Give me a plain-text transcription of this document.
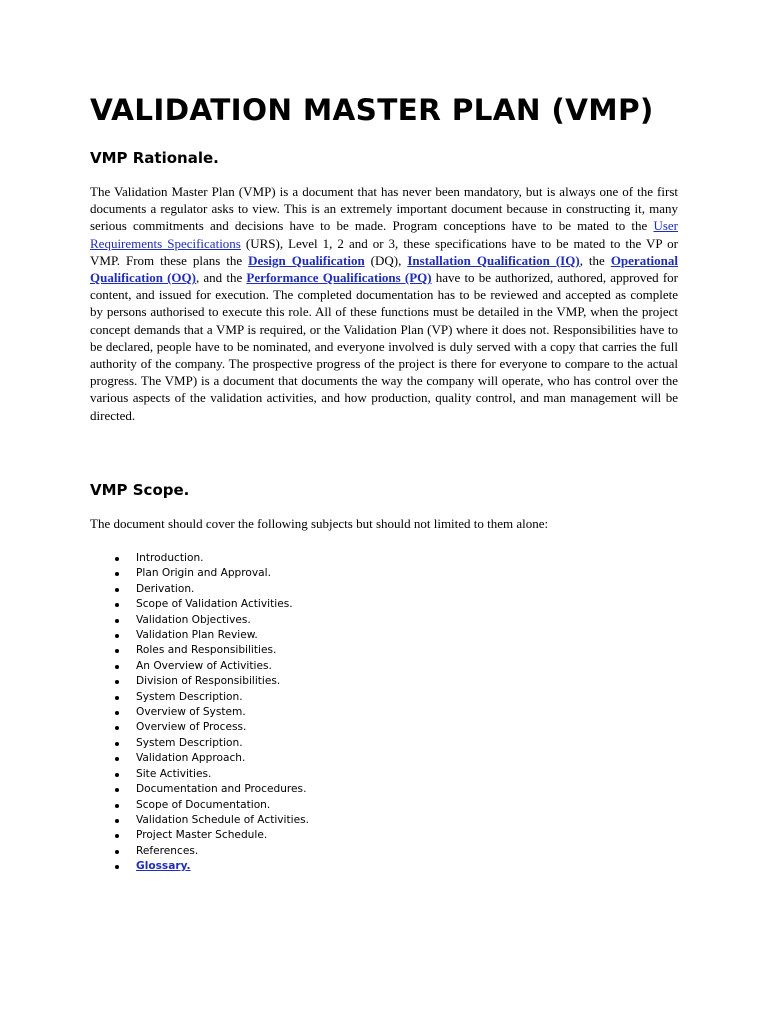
VALIDATION MASTER PLAN (VMP)
VMP Rationale.

The Validation Master Plan (VMP) is a document that has never been mandatory, but is always one of the first documents a regulator asks to view. This is an extremely important document because in constructing it, many serious commitments and decisions have to be made. Program conceptions have to be mated to the User Requirements Specifications (URS), Level 1, 2 and or 3, these specifications have to be mated to the VP or VMP. From these plans the Design Qualification (DQ), Installation Qualification (IQ), the Operational Qualification (OQ), and the Performance Qualifications (PQ) have to be authorized, authored, approved for content, and issued for execution. The completed documentation has to be reviewed and accepted as complete by persons authorised to execute this role. All of these functions must be detailed in the VMP, when the project concept demands that a VMP is required, or the Validation Plan (VP) where it does not. Responsibilities have to be declared, people have to be nominated, and everyone involved is duly served with a copy that carries the full authority of the company. The prospective progress of the project is there for everyone to compare to the actual progress. The VMP) is a document that documents the way the company will operate, who has control over the various aspects of the validation activities, and how production, quality control, and man management will be directed.

VMP Scope.

The document should cover the following subjects but should not limited to them alone:

Introduction.
Plan Origin and Approval.
Derivation.
Scope of Validation Activities.
Validation Objectives.
Validation Plan Review.
Roles and Responsibilities.
An Overview of Activities.
Division of Responsibilities.
System Description.
Overview of System.
Overview of Process.
System Description.
Validation Approach.
Site Activities.
Documentation and Procedures.
Scope of Documentation.
Validation Schedule of Activities.
Project Master Schedule.
References.
Glossary.
